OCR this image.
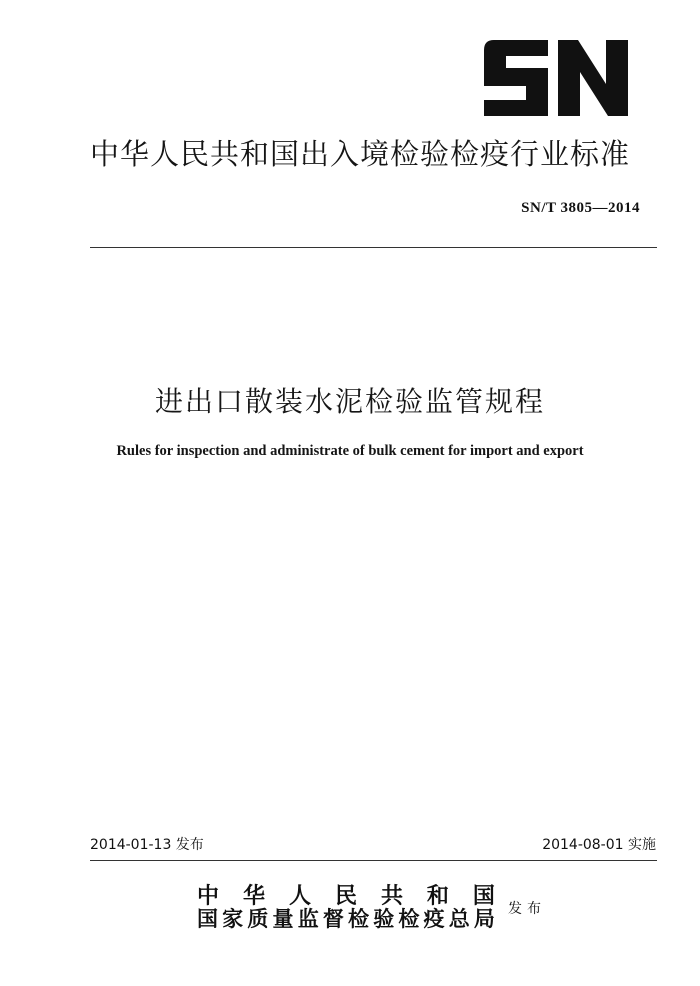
中华人民共和国出入境检验检疫行业标准
SN/T 3805—2014
进出口散装水泥检验监管规程
Rules for inspection and administrate of bulk cement for import and export
2014-01-13 发布	2014-08-01 实施
中 华 人 民 共 和 国
国 家 质 量 监 督 检 验 检 疫 总 局 发布
